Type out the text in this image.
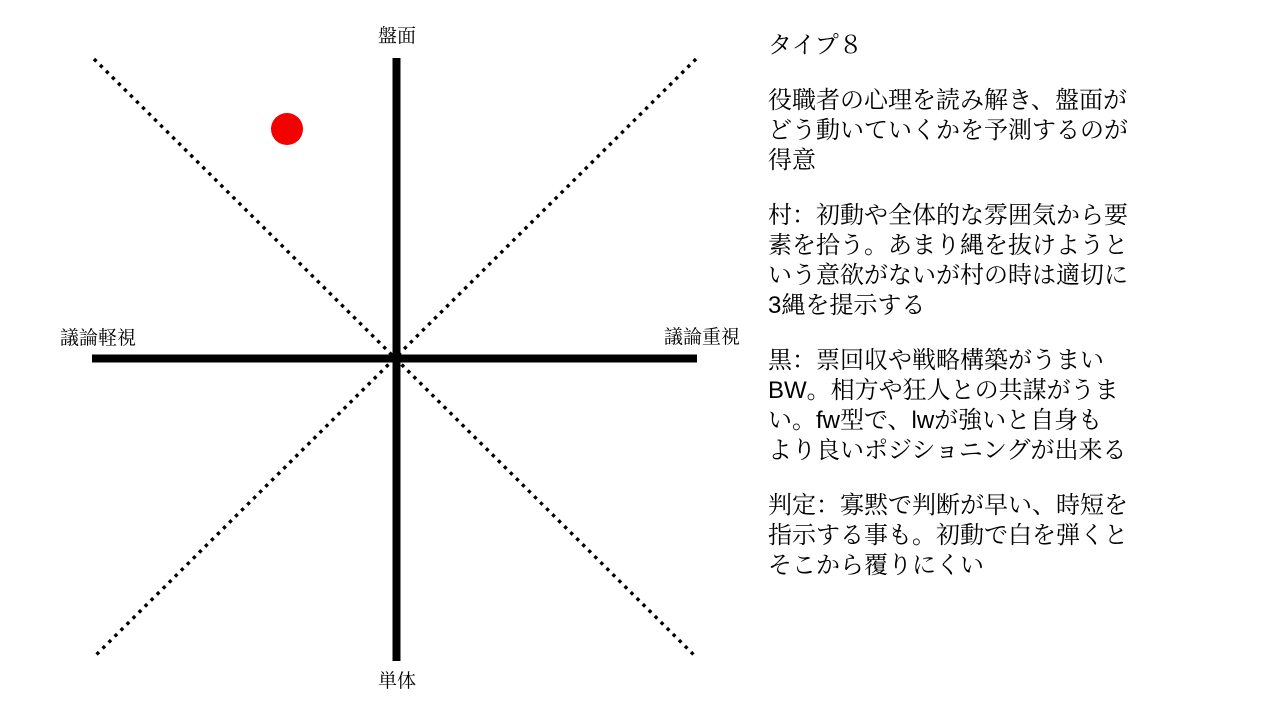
盤面
単体
議論軽視	議論重視
タイプ８
役職者の心理を読み解き、盤面が
どう動いていくかを予測するのが
得意
村：初動や全体的な雰囲気から要
素を拾う。あまり縄を抜けようと
いう意欲がないが村の時は適切に
3縄を提示する
黒：票回収や戦略構築がうまい
BW。相方や狂人との共謀がうま
い。fw型で、lwが強いと自身も
より良いポジショニングが出来る
判定：寡黙で判断が早い、時短を
指示する事も。初動で白を弾くと
そこから覆りにくい
